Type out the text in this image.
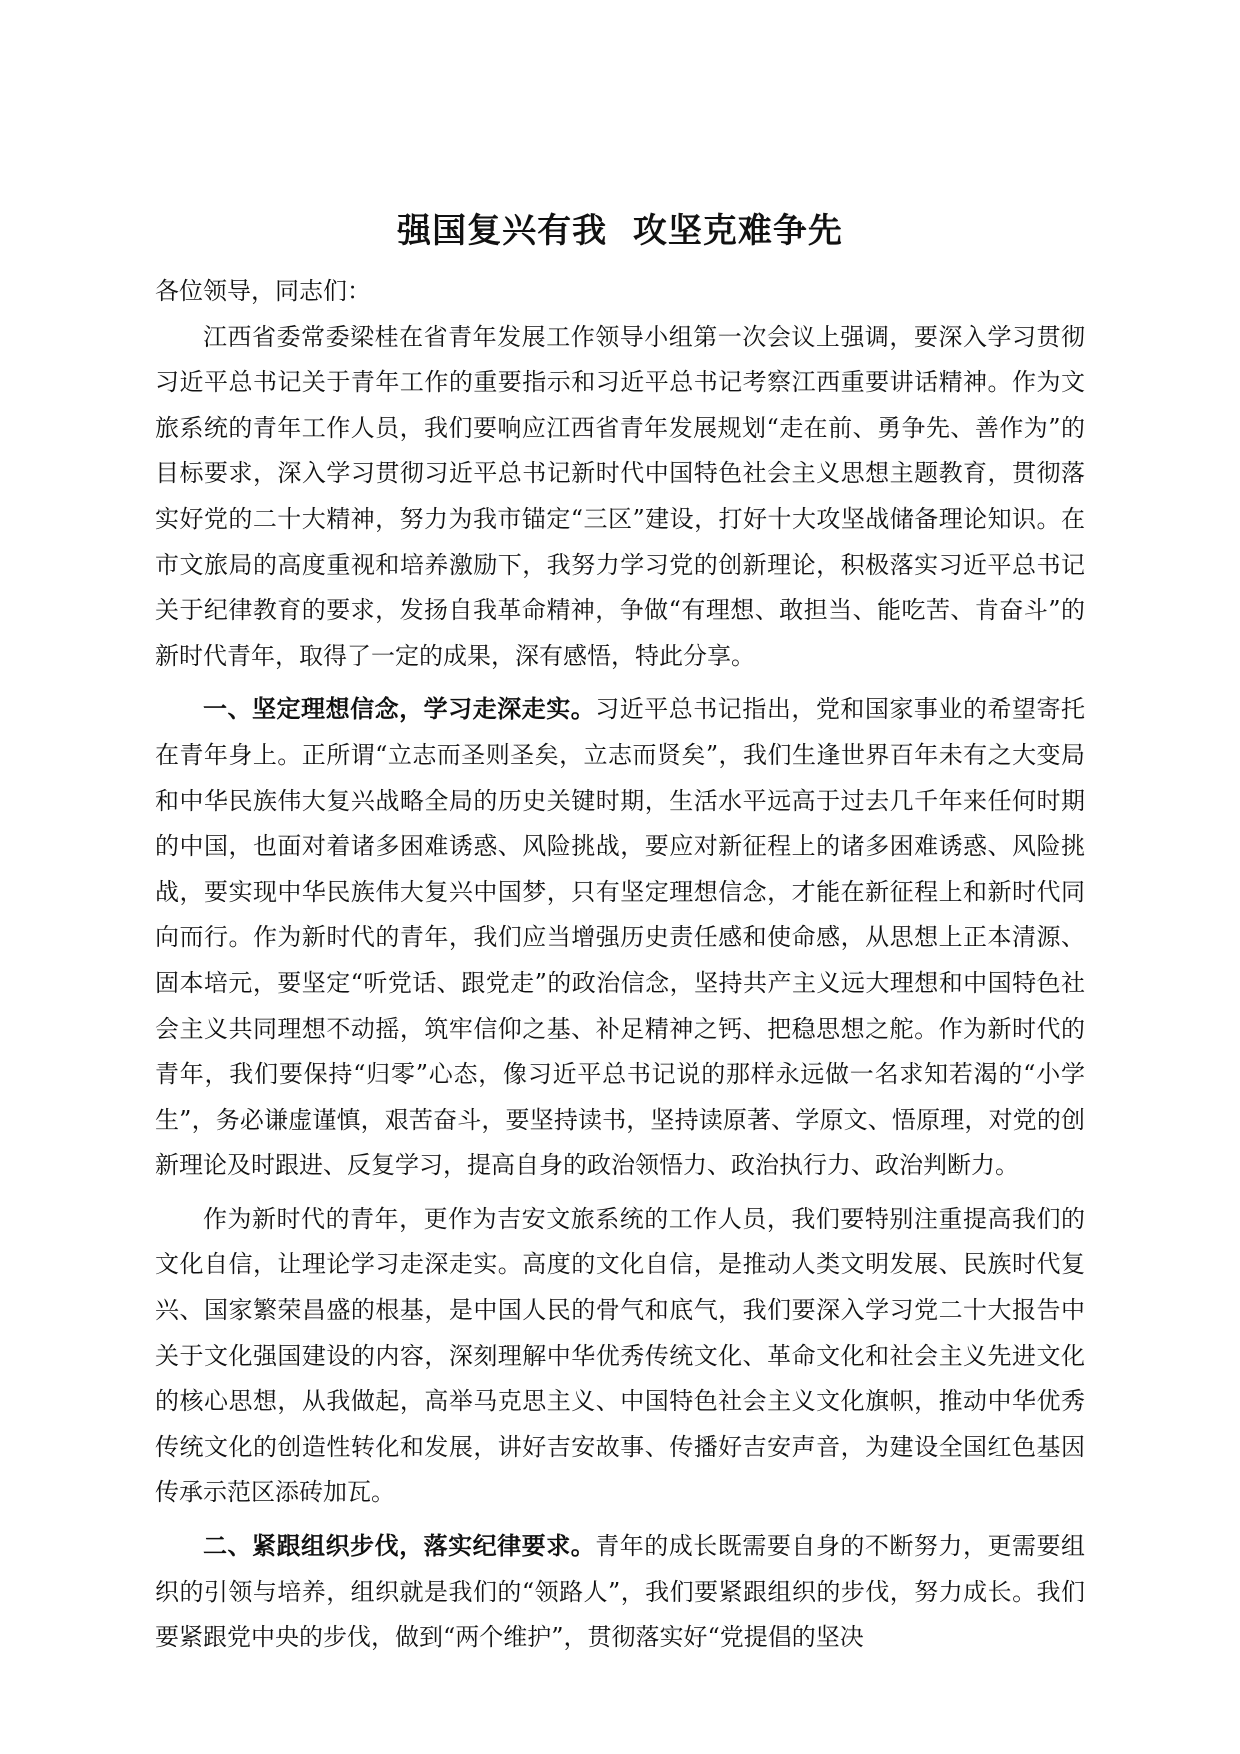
强国复兴有我  攻坚克难争先

各位领导，同志们：

江西省委常委梁桂在省青年发展工作领导小组第一次会议上强调，要深入学习贯彻习近平总书记关于青年工作的重要指示和习近平总书记考察江西重要讲话精神。作为文旅系统的青年工作人员，我们要响应江西省青年发展规划“走在前、勇争先、善作为”的目标要求，深入学习贯彻习近平总书记新时代中国特色社会主义思想主题教育，贯彻落实好党的二十大精神，努力为我市锚定“三区”建设，打好十大攻坚战储备理论知识。在市文旅局的高度重视和培养激励下，我努力学习党的创新理论，积极落实习近平总书记关于纪律教育的要求，发扬自我革命精神，争做“有理想、敢担当、能吃苦、肯奋斗”的新时代青年，取得了一定的成果，深有感悟，特此分享。

一、坚定理想信念，学习走深走实。习近平总书记指出，党和国家事业的希望寄托在青年身上。正所谓“立志而圣则圣矣，立志而贤矣”，我们生逢世界百年未有之大变局和中华民族伟大复兴战略全局的历史关键时期，生活水平远高于过去几千年来任何时期的中国，也面对着诸多困难诱惑、风险挑战，要应对新征程上的诸多困难诱惑、风险挑战，要实现中华民族伟大复兴中国梦，只有坚定理想信念，才能在新征程上和新时代同向而行。作为新时代的青年，我们应当增强历史责任感和使命感，从思想上正本清源、固本培元，要坚定“听党话、跟党走”的政治信念，坚持共产主义远大理想和中国特色社会主义共同理想不动摇，筑牢信仰之基、补足精神之钙、把稳思想之舵。作为新时代的青年，我们要保持“归零”心态，像习近平总书记说的那样永远做一名求知若渴的“小学生”，务必谦虚谨慎，艰苦奋斗，要坚持读书，坚持读原著、学原文、悟原理，对党的创新理论及时跟进、反复学习，提高自身的政治领悟力、政治执行力、政治判断力。

作为新时代的青年，更作为吉安文旅系统的工作人员，我们要特别注重提高我们的文化自信，让理论学习走深走实。高度的文化自信，是推动人类文明发展、民族时代复兴、国家繁荣昌盛的根基，是中国人民的骨气和底气，我们要深入学习党二十大报告中关于文化强国建设的内容，深刻理解中华优秀传统文化、革命文化和社会主义先进文化的核心思想，从我做起，高举马克思主义、中国特色社会主义文化旗帜，推动中华优秀传统文化的创造性转化和发展，讲好吉安故事、传播好吉安声音，为建设全国红色基因传承示范区添砖加瓦。

二、紧跟组织步伐，落实纪律要求。青年的成长既需要自身的不断努力，更需要组织的引领与培养，组织就是我们的“领路人”，我们要紧跟组织的步伐，努力成长。我们要紧跟党中央的步伐，做到“两个维护”，贯彻落实好“党提倡的坚决
